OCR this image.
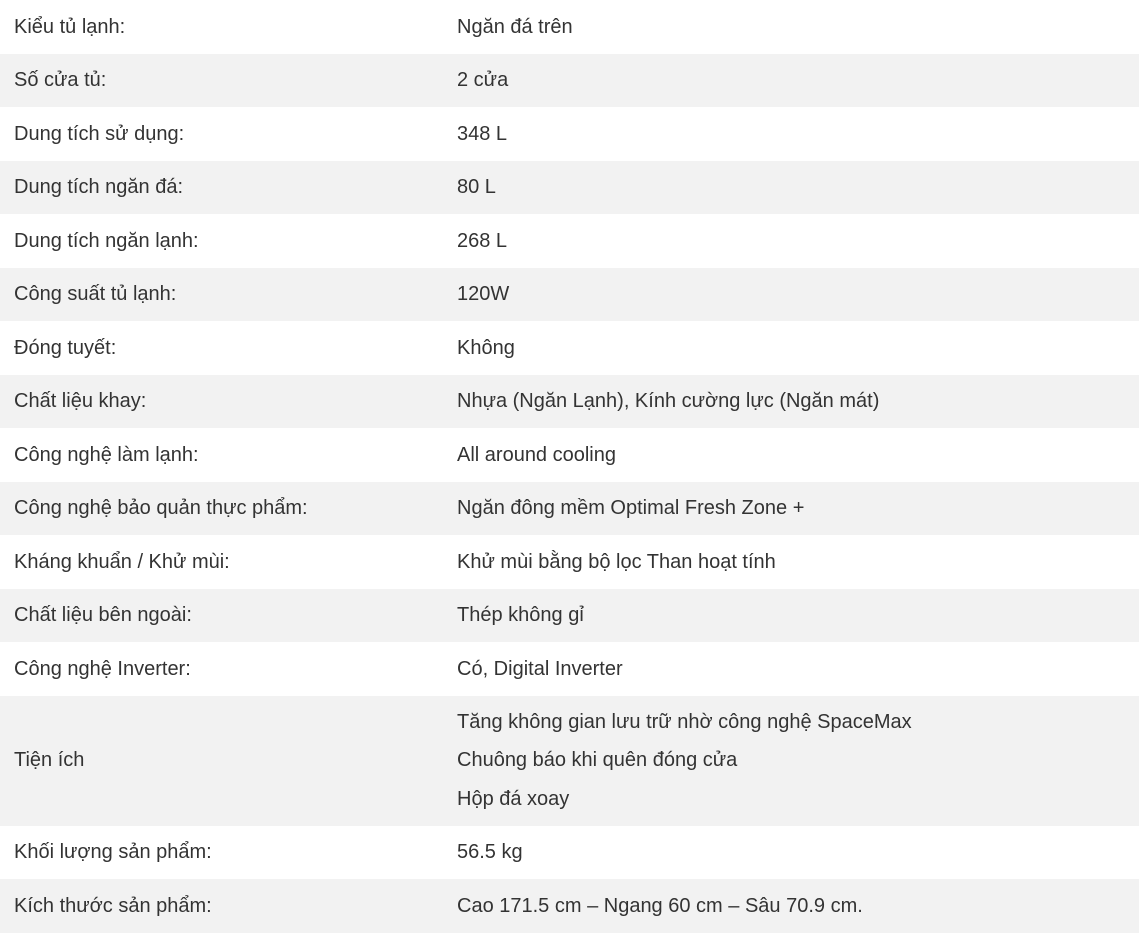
Kiểu tủ lạnh:	Ngăn đá trên
Số cửa tủ:	2 cửa
Dung tích sử dụng:	348 L
Dung tích ngăn đá:	80 L
Dung tích ngăn lạnh:	268 L
Công suất tủ lạnh:	120W
Đóng tuyết:	Không
Chất liệu khay:	Nhựa (Ngăn Lạnh), Kính cường lực (Ngăn mát)
Công nghệ làm lạnh:	All around cooling
Công nghệ bảo quản thực phẩm:	Ngăn đông mềm Optimal Fresh Zone +
Kháng khuẩn / Khử mùi:	Khử mùi bằng bộ lọc Than hoạt tính
Chất liệu bên ngoài:	Thép không gỉ
Công nghệ Inverter:	Có, Digital Inverter
Tiện ích	Tăng không gian lưu trữ nhờ công nghệ SpaceMax
Chuông báo khi quên đóng cửa
Hộp đá xoay

Khối lượng sản phẩm:	56.5 kg
Kích thước sản phẩm:	Cao 171.5 cm – Ngang 60 cm – Sâu 70.9 cm.
